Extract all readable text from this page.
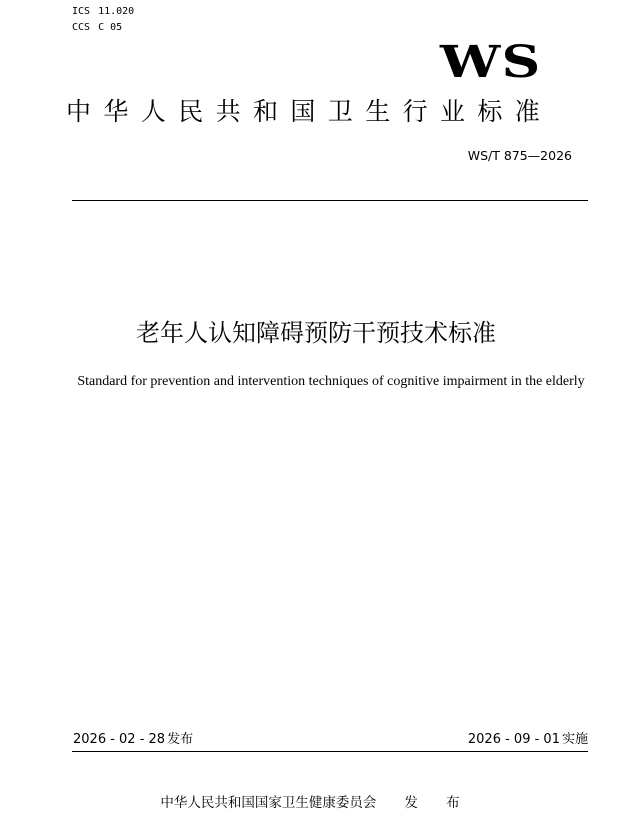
ICS 11.020
CCS C 05
WS
中华人民共和国卫生行业标准
WS/T 875—2026
老年人认知障碍预防干预技术标准
Standard for prevention and intervention techniques of cognitive impairment in the elderly
2026 - 02 - 28 发布	2026 - 09 - 01 实施
中华人民共和国国家卫生健康委员会 发 布
